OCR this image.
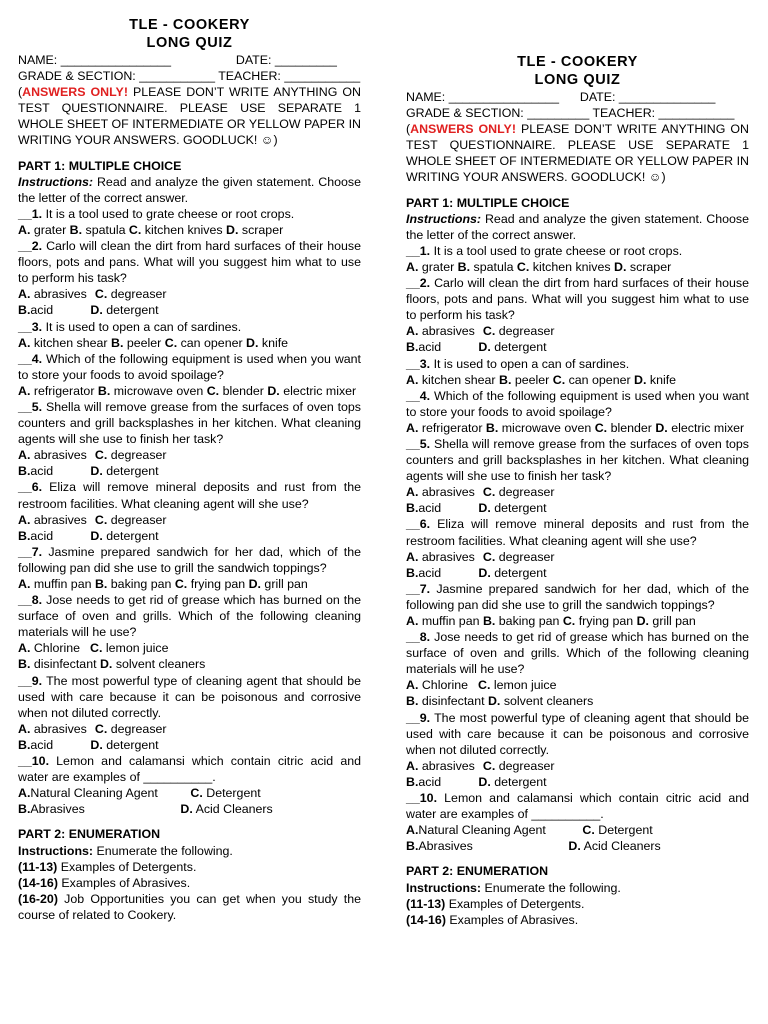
TLE - COOKERY
LONG QUIZ
NAME: ________________	DATE: _________
GRADE & SECTION: ___________ TEACHER: ___________
(ANSWERS ONLY! PLEASE DON’T WRITE ANYTHING ON TEST QUESTIONNAIRE. PLEASE USE SEPARATE 1 WHOLE SHEET OF INTERMEDIATE OR YELLOW PAPER IN WRITING YOUR ANSWERS. GOODLUCK! ☺)
PART 1: MULTIPLE CHOICE
Instructions: Read and analyze the given statement. Choose the letter of the correct answer.
__1. It is a tool used to grate cheese or root crops.
A. grater B. spatula C. kitchen knives D. scraper
__2. Carlo will clean the dirt from hard surfaces of their house floors, pots and pans. What will you suggest him what to use to perform his task?
A. abrasives C. degreaser
B.acid	D. detergent
__3. It is used to open a can of sardines.
A. kitchen shear B. peeler C. can opener D. knife
__4. Which of the following equipment is used when you want to store your foods to avoid spoilage?
A. refrigerator B. microwave oven C. blender D. electric mixer
__5. Shella will remove grease from the surfaces of oven tops counters and grill backsplashes in her kitchen. What cleaning agents will she use to finish her task?
A. abrasives C. degreaser
B.acid	D. detergent
__6. Eliza will remove mineral deposits and rust from the restroom facilities. What cleaning agent will she use?
A. abrasives C. degreaser
B.acid	D. detergent
__7. Jasmine prepared sandwich for her dad, which of the following pan did she use to grill the sandwich toppings?
A. muffin pan B. baking pan C. frying pan D. grill pan
__8. Jose needs to get rid of grease which has burned on the surface of oven and grills. Which of the following cleaning materials will he use?
A. Chlorine C. lemon juice
B. disinfectant D. solvent cleaners
__9. The most powerful type of cleaning agent that should be used with care because it can be poisonous and corrosive when not diluted correctly.
A. abrasives C. degreaser
B.acid	D. detergent
__10. Lemon and calamansi which contain citric acid and water are examples of __________.
A.Natural Cleaning Agent	C. Detergent
B.Abrasives	D. Acid Cleaners
PART 2: ENUMERATION
Instructions: Enumerate the following.
(11-13) Examples of Detergents.
(14-16) Examples of Abrasives.
(16-20) Job Opportunities you can get when you study the course of related to Cookery.
TLE - COOKERY
LONG QUIZ
NAME: ________________ DATE: ______________
GRADE & SECTION: _________ TEACHER: ___________
(ANSWERS ONLY! PLEASE DON’T WRITE ANYTHING ON TEST QUESTIONNAIRE. PLEASE USE SEPARATE 1 WHOLE SHEET OF INTERMEDIATE OR YELLOW PAPER IN WRITING YOUR ANSWERS. GOODLUCK! ☺)
PART 1: MULTIPLE CHOICE
Instructions: Read and analyze the given statement. Choose the letter of the correct answer.
__1. It is a tool used to grate cheese or root crops.
A. grater B. spatula C. kitchen knives D. scraper
__2. Carlo will clean the dirt from hard surfaces of their house floors, pots and pans. What will you suggest him what to use to perform his task?
A. abrasives C. degreaser
B.acid	D. detergent
__3. It is used to open a can of sardines.
A. kitchen shear B. peeler C. can opener D. knife
__4. Which of the following equipment is used when you want to store your foods to avoid spoilage?
A. refrigerator B. microwave oven C. blender D. electric mixer
__5. Shella will remove grease from the surfaces of oven tops counters and grill backsplashes in her kitchen. What cleaning agents will she use to finish her task?
A. abrasives C. degreaser
B.acid	D. detergent
__6. Eliza will remove mineral deposits and rust from the restroom facilities. What cleaning agent will she use?
A. abrasives C. degreaser
B.acid	D. detergent
__7. Jasmine prepared sandwich for her dad, which of the following pan did she use to grill the sandwich toppings?
A. muffin pan B. baking pan C. frying pan D. grill pan
__8. Jose needs to get rid of grease which has burned on the surface of oven and grills. Which of the following cleaning materials will he use?
A. Chlorine C. lemon juice
B. disinfectant D. solvent cleaners
__9. The most powerful type of cleaning agent that should be used with care because it can be poisonous and corrosive when not diluted correctly.
A. abrasives C. degreaser
B.acid	D. detergent
__10. Lemon and calamansi which contain citric acid and water are examples of __________.
A.Natural Cleaning Agent	C. Detergent
B.Abrasives	D. Acid Cleaners
PART 2: ENUMERATION
Instructions: Enumerate the following.
(11-13) Examples of Detergents.
(14-16) Examples of Abrasives.
